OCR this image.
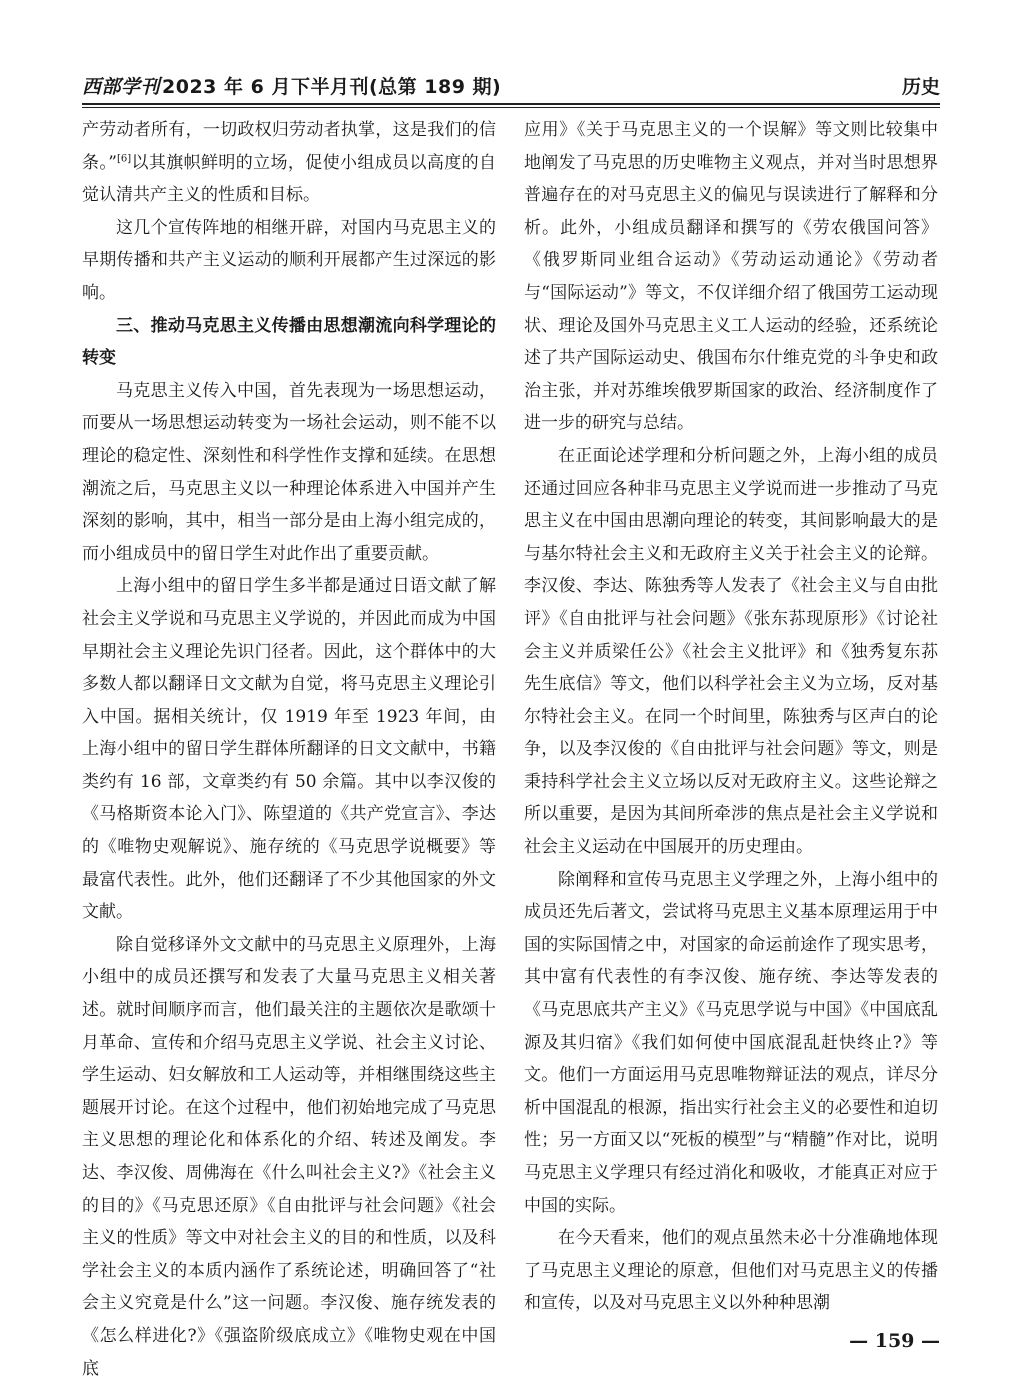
西部学刊 2023 年 6 月下半月刊(总第 189 期)	历史

产劳动者所有，一切政权归劳动者执掌，这是我们的信条。”[6]以其旗帜鲜明的立场，促使小组成员以高度的自觉认清共产主义的性质和目标。

这几个宣传阵地的相继开辟，对国内马克思主义的早期传播和共产主义运动的顺利开展都产生过深远的影响。

三、推动马克思主义传播由思想潮流向科学理论的转变

马克思主义传入中国，首先表现为一场思想运动，而要从一场思想运动转变为一场社会运动，则不能不以理论的稳定性、深刻性和科学性作支撑和延续。在思想潮流之后，马克思主义以一种理论体系进入中国并产生深刻的影响，其中，相当一部分是由上海小组完成的，而小组成员中的留日学生对此作出了重要贡献。

上海小组中的留日学生多半都是通过日语文献了解社会主义学说和马克思主义学说的，并因此而成为中国早期社会主义理论先识门径者。因此，这个群体中的大多数人都以翻译日文文献为自觉，将马克思主义理论引入中国。据相关统计，仅 1919 年至 1923 年间，由上海小组中的留日学生群体所翻译的日文文献中，书籍类约有 16 部，文章类约有 50 余篇。其中以李汉俊的《马格斯资本论入门》、陈望道的《共产党宣言》、李达的《唯物史观解说》、施存统的《马克思学说概要》等最富代表性。此外，他们还翻译了不少其他国家的外文文献。

除自觉移译外文文献中的马克思主义原理外，上海小组中的成员还撰写和发表了大量马克思主义相关著述。就时间顺序而言，他们最关注的主题依次是歌颂十月革命、宣传和介绍马克思主义学说、社会主义讨论、学生运动、妇女解放和工人运动等，并相继围绕这些主题展开讨论。在这个过程中，他们初始地完成了马克思主义思想的理论化和体系化的介绍、转述及阐发。李达、李汉俊、周佛海在《什么叫社会主义?》《社会主义的目的》《马克思还原》《自由批评与社会问题》《社会主义的性质》等文中对社会主义的目的和性质，以及科学社会主义的本质内涵作了系统论述，明确回答了“社会主义究竟是什么”这一问题。李汉俊、施存统发表的《怎么样进化?》《强盗阶级底成立》《唯物史观在中国底

应用》《关于马克思主义的一个误解》等文则比较集中地阐发了马克思的历史唯物主义观点，并对当时思想界普遍存在的对马克思主义的偏见与误读进行了解释和分析。此外，小组成员翻译和撰写的《劳农俄国问答》《俄罗斯同业组合运动》《劳动运动通论》《劳动者与“国际运动”》等文，不仅详细介绍了俄国劳工运动现状、理论及国外马克思主义工人运动的经验，还系统论述了共产国际运动史、俄国布尔什维克党的斗争史和政治主张，并对苏维埃俄罗斯国家的政治、经济制度作了进一步的研究与总结。

在正面论述学理和分析问题之外，上海小组的成员还通过回应各种非马克思主义学说而进一步推动了马克思主义在中国由思潮向理论的转变，其间影响最大的是与基尔特社会主义和无政府主义关于社会主义的论辩。李汉俊、李达、陈独秀等人发表了《社会主义与自由批评》《自由批评与社会问题》《张东荪现原形》《讨论社会主义并质梁任公》《社会主义批评》和《独秀复东荪先生底信》等文，他们以科学社会主义为立场，反对基尔特社会主义。在同一个时间里，陈独秀与区声白的论争，以及李汉俊的《自由批评与社会问题》等文，则是秉持科学社会主义立场以反对无政府主义。这些论辩之所以重要，是因为其间所牵涉的焦点是社会主义学说和社会主义运动在中国展开的历史理由。

除阐释和宣传马克思主义学理之外，上海小组中的成员还先后著文，尝试将马克思主义基本原理运用于中国的实际国情之中，对国家的命运前途作了现实思考，其中富有代表性的有李汉俊、施存统、李达等发表的《马克思底共产主义》《马克思学说与中国》《中国底乱源及其归宿》《我们如何使中国底混乱赶快终止?》等文。他们一方面运用马克思唯物辩证法的观点，详尽分析中国混乱的根源，指出实行社会主义的必要性和迫切性；另一方面又以“死板的模型”与“精髓”作对比，说明马克思主义学理只有经过消化和吸收，才能真正对应于中国的实际。

在今天看来，他们的观点虽然未必十分准确地体现了马克思主义理论的原意，但他们对马克思主义的传播和宣传，以及对马克思主义以外种种思潮

— 159 —
